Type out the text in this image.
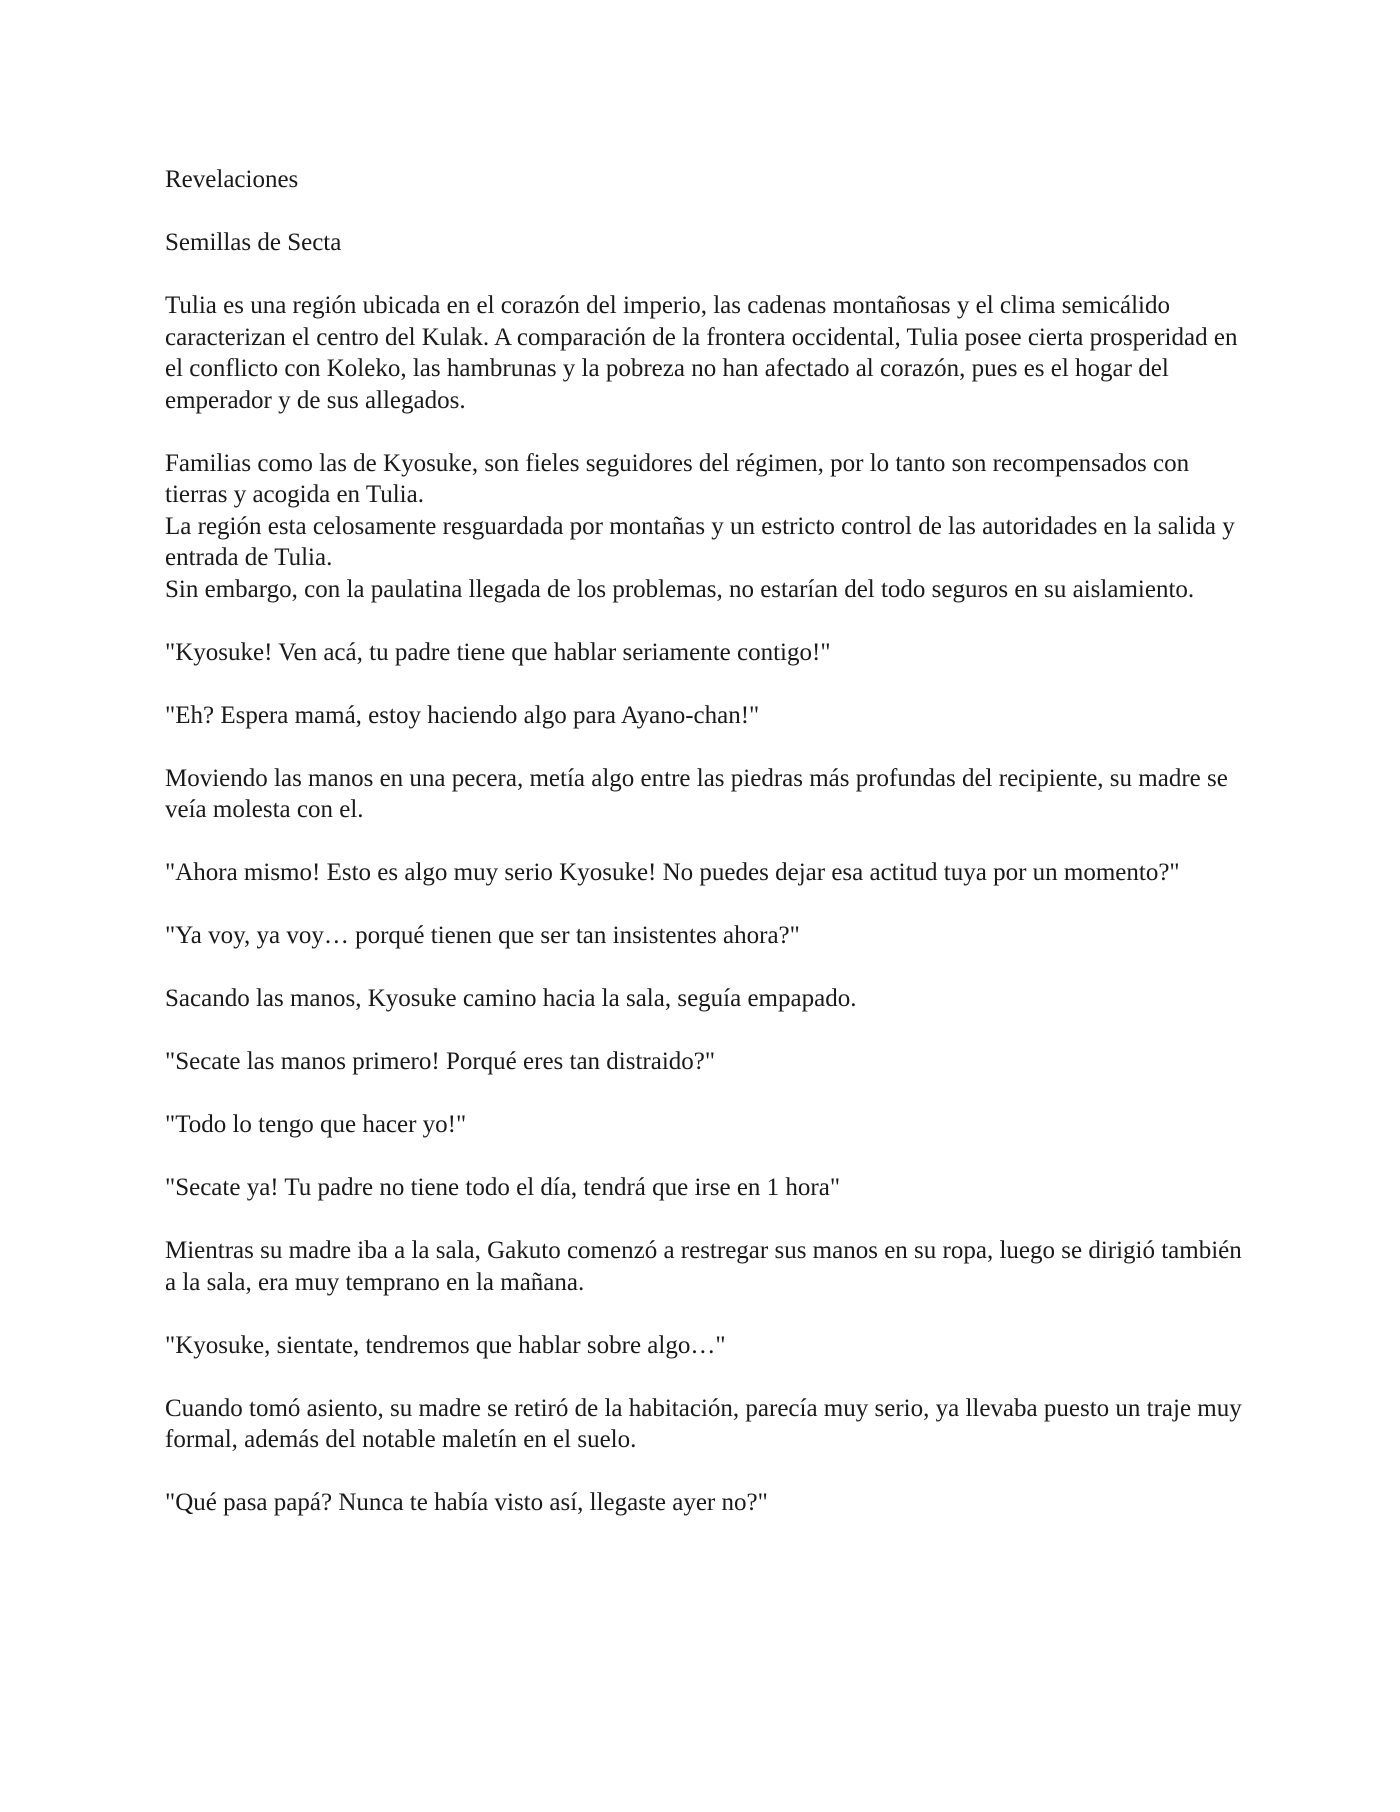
Revelaciones

Semillas de Secta

Tulia es una región ubicada en el corazón del imperio, las cadenas montañosas y el clima semicálido caracterizan el centro del Kulak. A comparación de la frontera occidental, Tulia posee cierta prosperidad en el conflicto con Koleko, las hambrunas y la pobreza no han afectado al corazón, pues es el hogar del emperador y de sus allegados.

Familias como las de Kyosuke, son fieles seguidores del régimen, por lo tanto son recompensados con tierras y acogida en Tulia.

La región esta celosamente resguardada por montañas y un estricto control de las autoridades en la salida y entrada de Tulia.

Sin embargo, con la paulatina llegada de los problemas, no estarían del todo seguros en su aislamiento.

"Kyosuke! Ven acá, tu padre tiene que hablar seriamente contigo!"

"Eh? Espera mamá, estoy haciendo algo para Ayano-chan!"

Moviendo las manos en una pecera, metía algo entre las piedras más profundas del recipiente, su madre se veía molesta con el.

"Ahora mismo! Esto es algo muy serio Kyosuke! No puedes dejar esa actitud tuya por un momento?"

"Ya voy, ya voy… porqué tienen que ser tan insistentes ahora?"

Sacando las manos, Kyosuke camino hacia la sala, seguía empapado.

"Secate las manos primero! Porqué eres tan distraido?"

"Todo lo tengo que hacer yo!"

"Secate ya! Tu padre no tiene todo el día, tendrá que irse en 1 hora"

Mientras su madre iba a la sala, Gakuto comenzó a restregar sus manos en su ropa, luego se dirigió también a la sala, era muy temprano en la mañana.

"Kyosuke, sientate, tendremos que hablar sobre algo…"

Cuando tomó asiento, su madre se retiró de la habitación, parecía muy serio, ya llevaba puesto un traje muy formal, además del notable maletín en el suelo.

"Qué pasa papá? Nunca te había visto así, llegaste ayer no?"
